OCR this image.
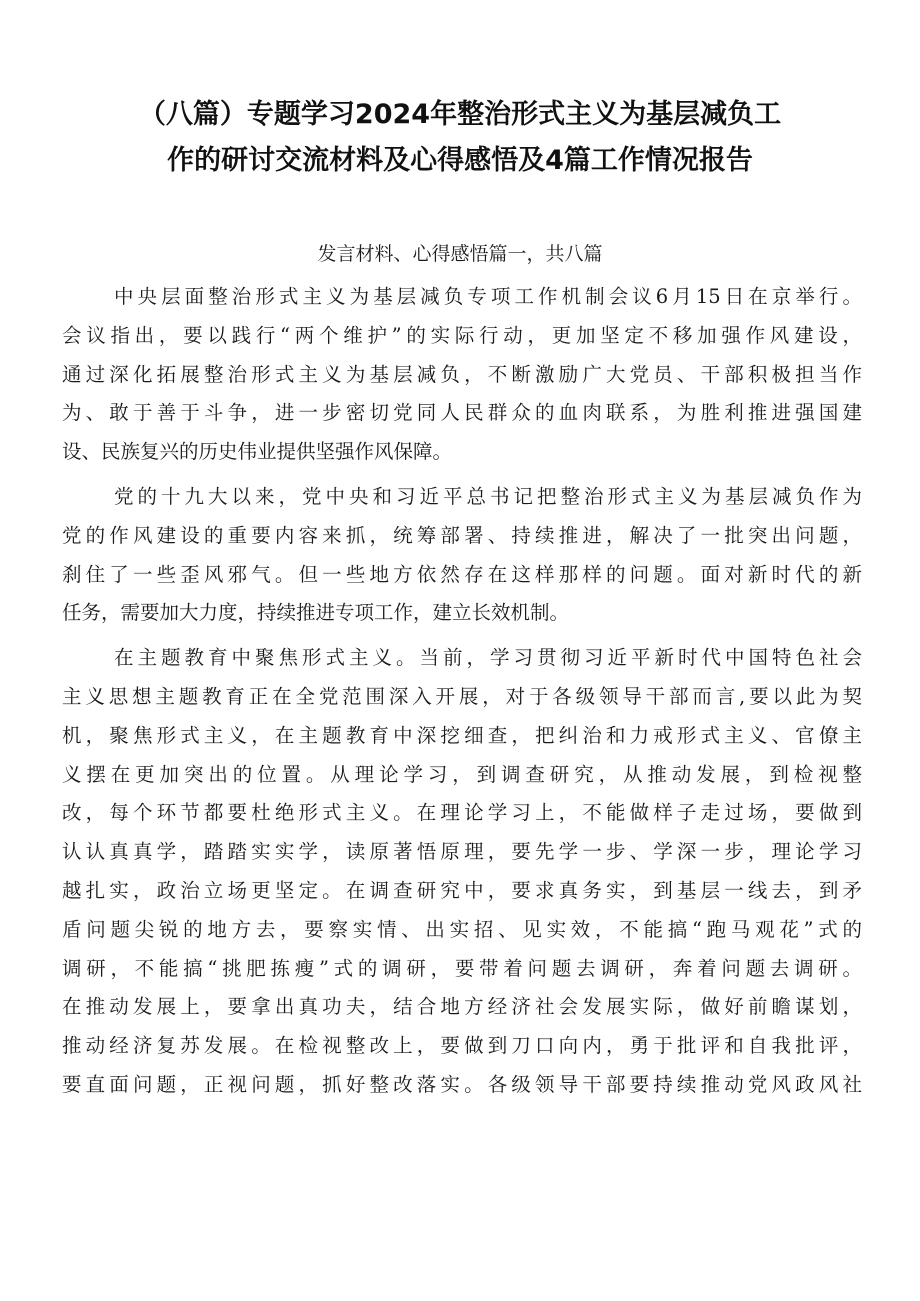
（八篇）专题学习2024年整治形式主义为基层减负工
作的研讨交流材料及心得感悟及4篇工作情况报告
发言材料、心得感悟篇一，共八篇
中央层面整治形式主义为基层减负专项工作机制会议6月15日在京举行。
会议指出，要以践行“两个维护”的实际行动，更加坚定不移加强作风建设，
通过深化拓展整治形式主义为基层减负，不断激励广大党员、干部积极担当作
为、敢于善于斗争，进一步密切党同人民群众的血肉联系，为胜利推进强国建
设、民族复兴的历史伟业提供坚强作风保障。
党的十九大以来，党中央和习近平总书记把整治形式主义为基层减负作为
党的作风建设的重要内容来抓，统筹部署、持续推进，解决了一批突出问题，
刹住了一些歪风邪气。但一些地方依然存在这样那样的问题。面对新时代的新
任务，需要加大力度，持续推进专项工作，建立长效机制。
在主题教育中聚焦形式主义。当前，学习贯彻习近平新时代中国特色社会
主义思想主题教育正在全党范围深入开展，对于各级领导干部而言,要以此为契
机，聚焦形式主义，在主题教育中深挖细查，把纠治和力戒形式主义、官僚主
义摆在更加突出的位置。从理论学习，到调查研究，从推动发展，到检视整
改，每个环节都要杜绝形式主义。在理论学习上，不能做样子走过场，要做到
认认真真学，踏踏实实学，读原著悟原理，要先学一步、学深一步，理论学习
越扎实，政治立场更坚定。在调查研究中，要求真务实，到基层一线去，到矛
盾问题尖锐的地方去，要察实情、出实招、见实效，不能搞“跑马观花”式的
调研，不能搞“挑肥拣瘦”式的调研，要带着问题去调研，奔着问题去调研。
在推动发展上，要拿出真功夫，结合地方经济社会发展实际，做好前瞻谋划，
推动经济复苏发展。在检视整改上，要做到刀口向内，勇于批评和自我批评，
要直面问题，正视问题，抓好整改落实。各级领导干部要持续推动党风政风社
